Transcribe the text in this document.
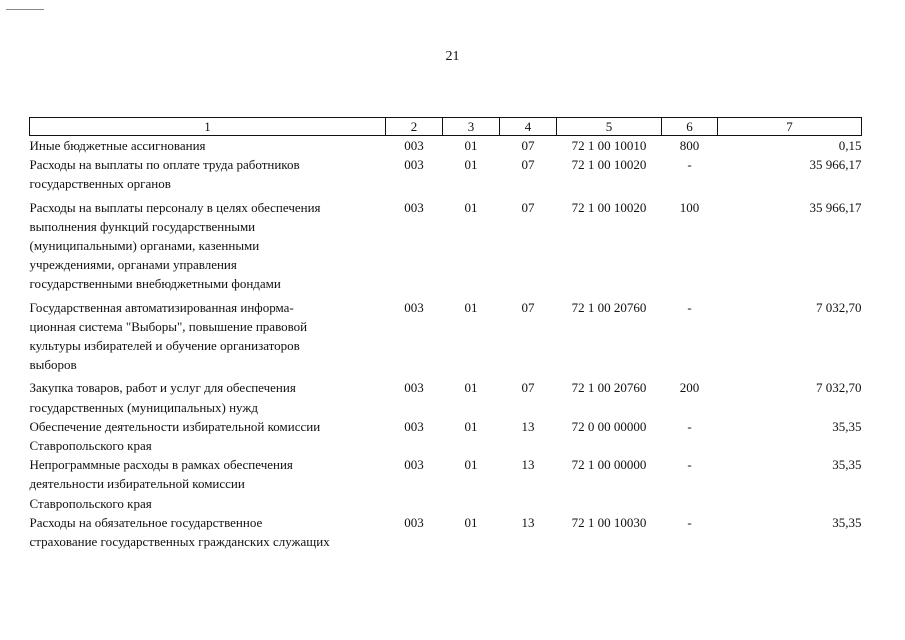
21
1	2	3	4	5	6	7
Иные бюджетные ассигнования	003	01	07	72 1 00 10010	800	0,15
Расходы на выплаты по оплате труда работников
государственных органов	003	01	07	72 1 00 10020	-	35 966,17
Расходы на выплаты персоналу в целях обеспечения
выполнения функций государственными
(муниципальными) органами, казенными
учреждениями, органами управления
государственными внебюджетными фондами	003	01	07	72 1 00 10020	100	35 966,17
Государственная автоматизированная информа-
ционная система "Выборы", повышение правовой
культуры избирателей и обучение организаторов
выборов	003	01	07	72 1 00 20760	-	7 032,70
Закупка товаров, работ и услуг для обеспечения
государственных (муниципальных) нужд	003	01	07	72 1 00 20760	200	7 032,70
Обеспечение деятельности избирательной комиссии
Ставропольского края	003	01	13	72 0 00 00000	-	35,35
Непрограммные расходы в рамках обеспечения
деятельности избирательной комиссии
Ставропольского края	003	01	13	72 1 00 00000	-	35,35
Расходы на обязательное государственное
страхование государственных гражданских служащих	003	01	13	72 1 00 10030	-	35,35
